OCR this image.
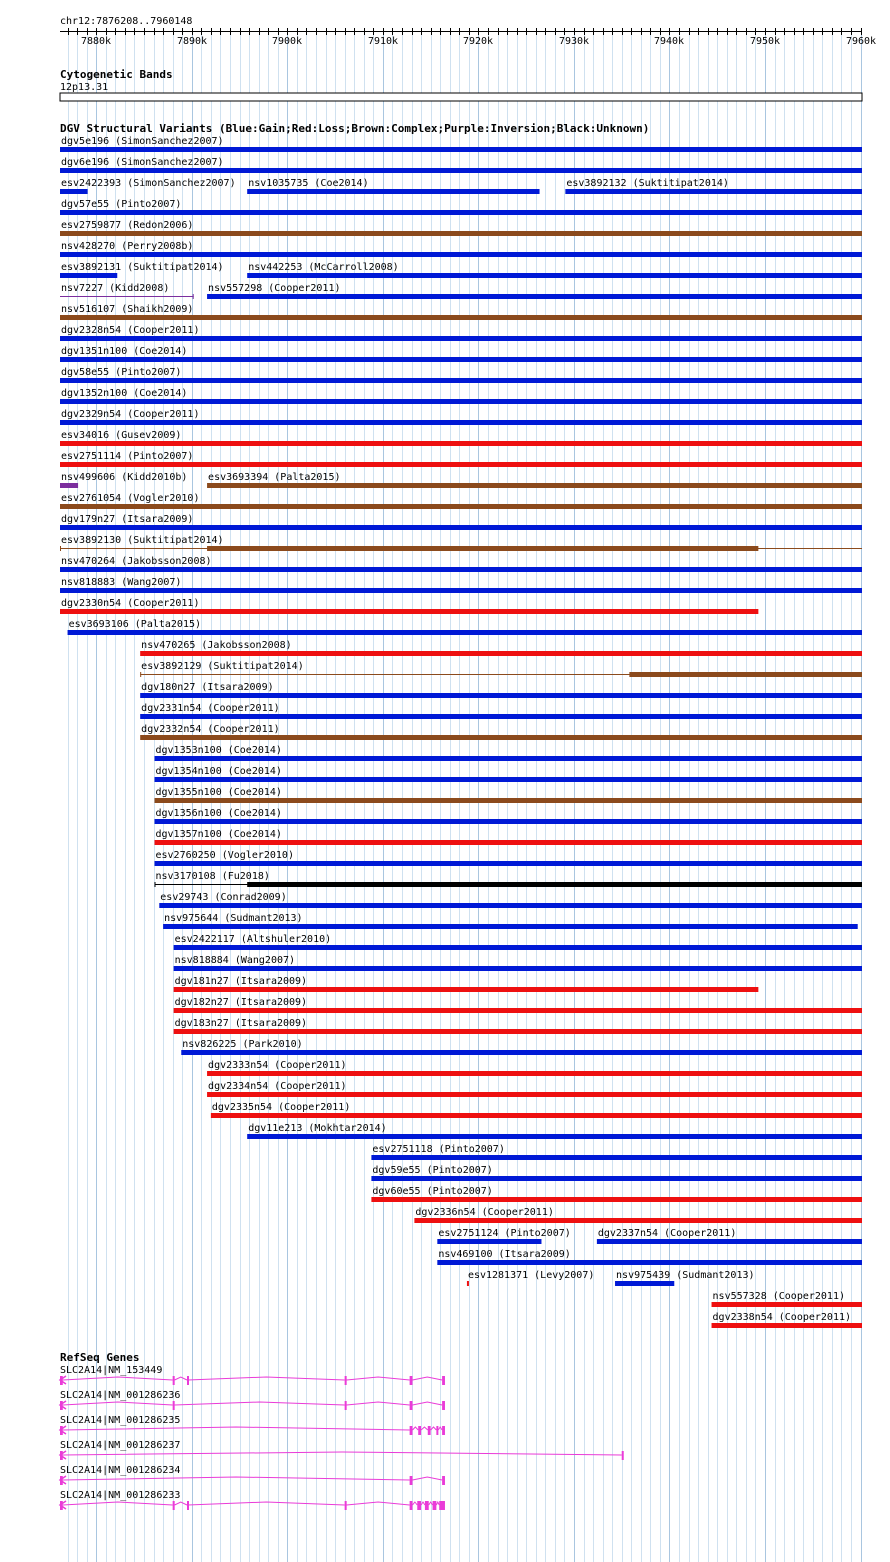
chr12:7876208..7960148
7880k	7890k	7900k	7910k	7920k	7930k	7940k	7950k	7960k
Cytogenetic Bands
12p13.31
DGV Structural Variants (Blue:Gain;Red:Loss;Brown:Complex;Purple:Inversion;Black:Unknown)
dgv5e196 (SimonSanchez2007)
dgv6e196 (SimonSanchez2007)
esv2422393 (SimonSanchez2007) nsv1035735 (Coe2014)	esv3892132 (Suktitipat2014)
dgv57e55 (Pinto2007)
esv2759877 (Redon2006)
nsv428270 (Perry2008b)
esv3892131 (Suktitipat2014) nsv442253 (McCarroll2008)
nsv7227 (Kidd2008)	nsv557298 (Cooper2011)
nsv516107 (Shaikh2009)
dgv2328n54 (Cooper2011)
dgv1351n100 (Coe2014)
dgv58e55 (Pinto2007)
dgv1352n100 (Coe2014)
dgv2329n54 (Cooper2011)
esv34016 (Gusev2009)
esv2751114 (Pinto2007)
nsv499606 (Kidd2010b) esv3693394 (Palta2015)
esv2761054 (Vogler2010)
dgv179n27 (Itsara2009)
esv3892130 (Suktitipat2014)
nsv470264 (Jakobsson2008)
nsv818883 (Wang2007)
dgv2330n54 (Cooper2011)
esv3693106 (Palta2015)
nsv470265 (Jakobsson2008)
esv3892129 (Suktitipat2014)
dgv180n27 (Itsara2009)
dgv2331n54 (Cooper2011)
dgv2332n54 (Cooper2011)
dgv1353n100 (Coe2014)
dgv1354n100 (Coe2014)
dgv1355n100 (Coe2014)
dgv1356n100 (Coe2014)
dgv1357n100 (Coe2014)
esv2760250 (Vogler2010)
nsv3170108 (Fu2018)
esv29743 (Conrad2009)
nsv975644 (Sudmant2013)
esv2422117 (Altshuler2010)
nsv818884 (Wang2007)
dgv181n27 (Itsara2009)
dgv182n27 (Itsara2009)
dgv183n27 (Itsara2009)
nsv826225 (Park2010)
dgv2333n54 (Cooper2011)
dgv2334n54 (Cooper2011)
dgv2335n54 (Cooper2011)
dgv11e213 (Mokhtar2014)
esv2751118 (Pinto2007)
dgv59e55 (Pinto2007)
dgv60e55 (Pinto2007)
dgv2336n54 (Cooper2011)
esv2751124 (Pinto2007)	dgv2337n54 (Cooper2011)
nsv469100 (Itsara2009)
esv1281371 (Levy2007) nsv975439 (Sudmant2013)
nsv557328 (Cooper2011)
dgv2338n54 (Cooper2011)
RefSeq Genes
SLC2A14|NM_153449
SLC2A14|NM_001286236
SLC2A14|NM_001286235
SLC2A14|NM_001286237
SLC2A14|NM_001286234
SLC2A14|NM_001286233
